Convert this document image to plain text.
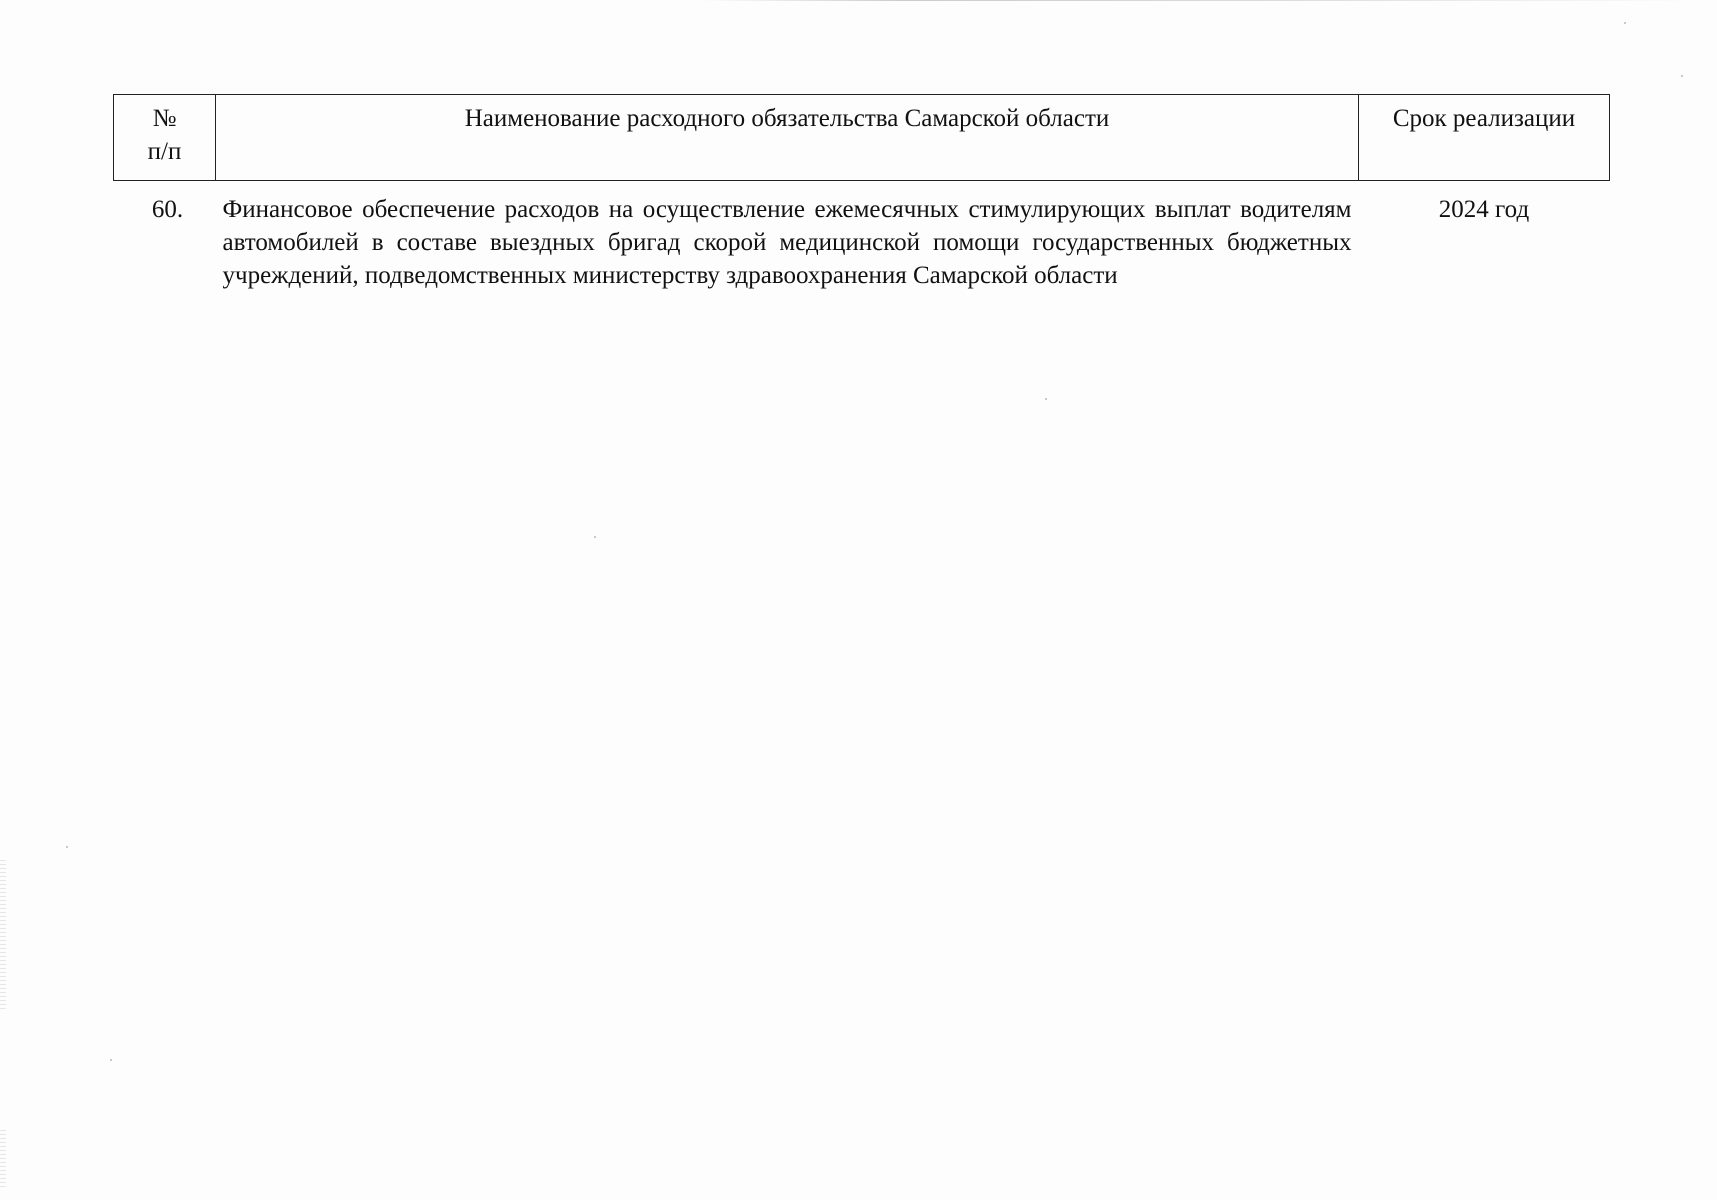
№
п/п	Наименование расходного обязательства Самарской области	Срок реализации
60.	Финансовое обеспечение расходов на осуществление ежемесячных стимулирующих выплат водителям автомобилей в составе выездных бригад скорой медицинской помощи государственных бюджетных учреждений, подведомственных министерству здравоохранения Самарской области	2024 год
